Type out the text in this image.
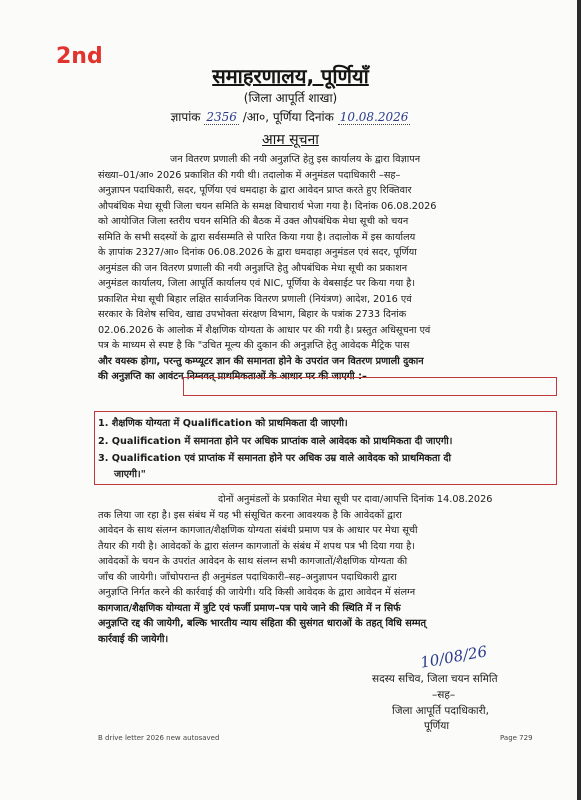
2nd
समाहरणालय, पूर्णियाँ
(जिला आपूर्ति शाखा)
ज्ञापांक 2356 /आ०, पूर्णिया दिनांक 10.08.2026
आम सूचना
जन वितरण प्रणाली की नयी अनुज्ञप्ति हेतु इस कार्यालय के द्वारा विज्ञापन
संख्या–01/आ० 2026 प्रकाशित की गयी थी। तदालोक में अनुमंडल पदाधिकारी –सह–
अनुज्ञापन पदाधिकारी, सदर, पूर्णिया एवं धमदाहा के द्वारा आवेदन प्राप्त करते हुए रिक्तिवार
औपबंधिक मेधा सूची जिला चयन समिति के समक्ष विचारार्थ भेजा गया है। दिनांक 06.08.2026
को आयोजित जिला स्तरीय चयन समिति की बैठक में उक्त औपबंधिक मेधा सूची को चयन
समिति के सभी सदस्यों के द्वारा सर्वसम्मति से पारित किया गया है। तदालोक में इस कार्यालय
के ज्ञापांक 2327/आ० दिनांक 06.08.2026 के द्वारा धमदाहा अनुमंडल एवं सदर, पूर्णिया
अनुमंडल की जन वितरण प्रणाली की नयी अनुज्ञप्ति हेतु औपबंधिक मेधा सूची का प्रकाशन
अनुमंडल कार्यालय, जिला आपूर्ति कार्यालय एवं NIC, पूर्णिया के वेबसाईट पर किया गया है।
प्रकाशित मेधा सूची बिहार लक्षित सार्वजनिक वितरण प्रणाली (नियंत्रण) आदेश, 2016 एवं
सरकार के विशेष सचिव, खाद्य उपभोक्ता संरक्षण विभाग, बिहार के पत्रांक 2733 दिनांक
02.06.2026 के आलोक में शैक्षणिक योग्यता के आधार पर की गयी है। प्रस्तुत अधिसूचना एवं
पत्र के माध्यम से स्पष्ट है कि "उचित मूल्य की दुकान की अनुज्ञप्ति हेतु आवेदक मैट्रिक पास
और वयस्क होगा, परन्तु कम्प्यूटर ज्ञान की समानता होने के उपरांत जन वितरण प्रणाली दुकान
की अनुज्ञप्ति का आवंटन निम्नवत् प्राथमिकताओं के आधार पर की जाएगी :–
1. शैक्षणिक योग्यता में Qualification को प्राथमिकता दी जाएगी।
2. Qualification में समानता होने पर अधिक प्राप्तांक वाले आवेदक को प्राथमिकता दी जाएगी।
3. Qualification एवं प्राप्तांक में समानता होने पर अधिक उम्र वाले आवेदक को प्राथमिकता दी
जाएगी।"
दोनों अनुमंडलों के प्रकाशित मेधा सूची पर दावा/आपत्ति दिनांक 14.08.2026
तक लिया जा रहा है। इस संबंध में यह भी संसूचित करना आवश्यक है कि आवेदकों द्वारा
आवेदन के साथ संलग्न कागजात/शैक्षणिक योग्यता संबंधी प्रमाण पत्र के आधार पर मेधा सूची
तैयार की गयी है। आवेदकों के द्वारा संलग्न कागजातों के संबंध में शपथ पत्र भी दिया गया है।
आवेदकों के चयन के उपरांत आवेदन के साथ संलग्न सभी कागजातों/शैक्षणिक योग्यता की
जाँच की जायेगी। जाँचोपरान्त ही अनुमंडल पदाधिकारी–सह–अनुज्ञापन पदाधिकारी द्वारा
अनुज्ञप्ति निर्गत करने की कार्रवाई की जायेगी। यदि किसी आवेदक के द्वारा आवेदन में संलग्न
कागजात/शैक्षणिक योग्यता में त्रुटि एवं फर्जी प्रमाण–पत्र पाये जाने की स्थिति में न सिर्फ
अनुज्ञप्ति रद्द की जायेगी, बल्कि भारतीय न्याय संहिता की सुसंगत धाराओं के तहत् विधि सम्मत्
कार्रवाई की जायेगी।
10/08/26
सदस्य सचिव, जिला चयन समिति
–सह–
जिला आपूर्ति पदाधिकारी,
पूर्णिया
B drive letter 2026 new autosaved	Page 729
